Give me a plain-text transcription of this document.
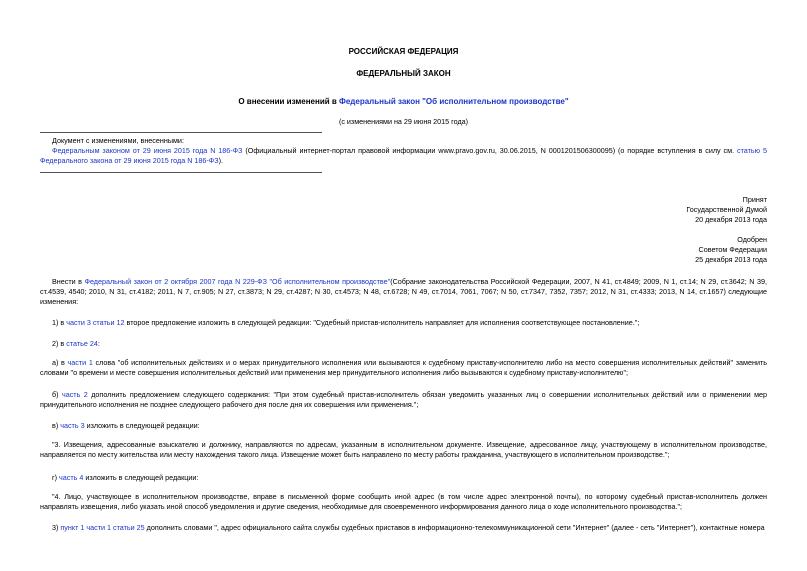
РОССИЙСКАЯ ФЕДЕРАЦИЯ
ФЕДЕРАЛЬНЫЙ ЗАКОН
О внесении изменений в Федеральный закон "Об исполнительном производстве"
(с изменениями на 29 июня 2015 года)
Документ с изменениями, внесенными:
Федеральным законом от 29 июня 2015 года N 186-ФЗ (Официальный интернет-портал правовой информации www.pravo.gov.ru, 30.06.2015, N 0001201506300095) (о порядке вступления в силу см. статью 5 Федерального закона от 29 июня 2015 года N 186-ФЗ).
Принят
Государственной Думой
20 декабря 2013 года
Одобрен
Советом Федерации
25 декабря 2013 года
Внести в Федеральный закон от 2 октября 2007 года N 229-ФЗ "Об исполнительном производстве"(Собрание законодательства Российской Федерации, 2007, N 41, ст.4849; 2009, N 1, ст.14; N 29, ст.3642; N 39, ст.4539, 4540; 2010, N 31, ст.4182; 2011, N 7, ст.905; N 27, ст.3873; N 29, ст.4287; N 30, ст.4573; N 48, ст.6728; N 49, ст.7014, 7061, 7067; N 50, ст.7347, 7352, 7357; 2012, N 31, ст.4333; 2013, N 14, ст.1657) следующие изменения:
1) в части 3 статьи 12 второе предложение изложить в следующей редакции: "Судебный пристав-исполнитель направляет для исполнения соответствующее постановление.";
2) в статье 24:
а) в части 1 слова "об исполнительных действиях и о мерах принудительного исполнения или вызываются к судебному приставу-исполнителю либо на место совершения исполнительных действий" заменить словами "о времени и месте совершения исполнительных действий или применения мер принудительного исполнения либо вызываются к судебному приставу-исполнителю";
б) часть 2 дополнить предложением следующего содержания: "При этом судебный пристав-исполнитель обязан уведомить указанных лиц о совершении исполнительных действий или о применении мер принудительного исполнения не позднее следующего рабочего дня после дня их совершения или применения.";
в) часть 3 изложить в следующей редакции:
"3. Извещения, адресованные взыскателю и должнику, направляются по адресам, указанным в исполнительном документе. Извещение, адресованное лицу, участвующему в исполнительном производстве, направляется по месту жительства или месту нахождения такого лица. Извещение может быть направлено по месту работы гражданина, участвующего в исполнительном производстве.";
г) часть 4 изложить в следующей редакции:
"4. Лицо, участвующее в исполнительном производстве, вправе в письменной форме сообщить иной адрес (в том числе адрес электронной почты), по которому судебный пристав-исполнитель должен направлять извещения, либо указать иной способ уведомления и другие сведения, необходимые для своевременного информирования данного лица о ходе исполнительного производства.";
3) пункт 1 части 1 статьи 25 дополнить словами ", адрес официального сайта службы судебных приставов в информационно-телекоммуникационной сети "Интернет" (далее - сеть "Интернет"), контактные номера
